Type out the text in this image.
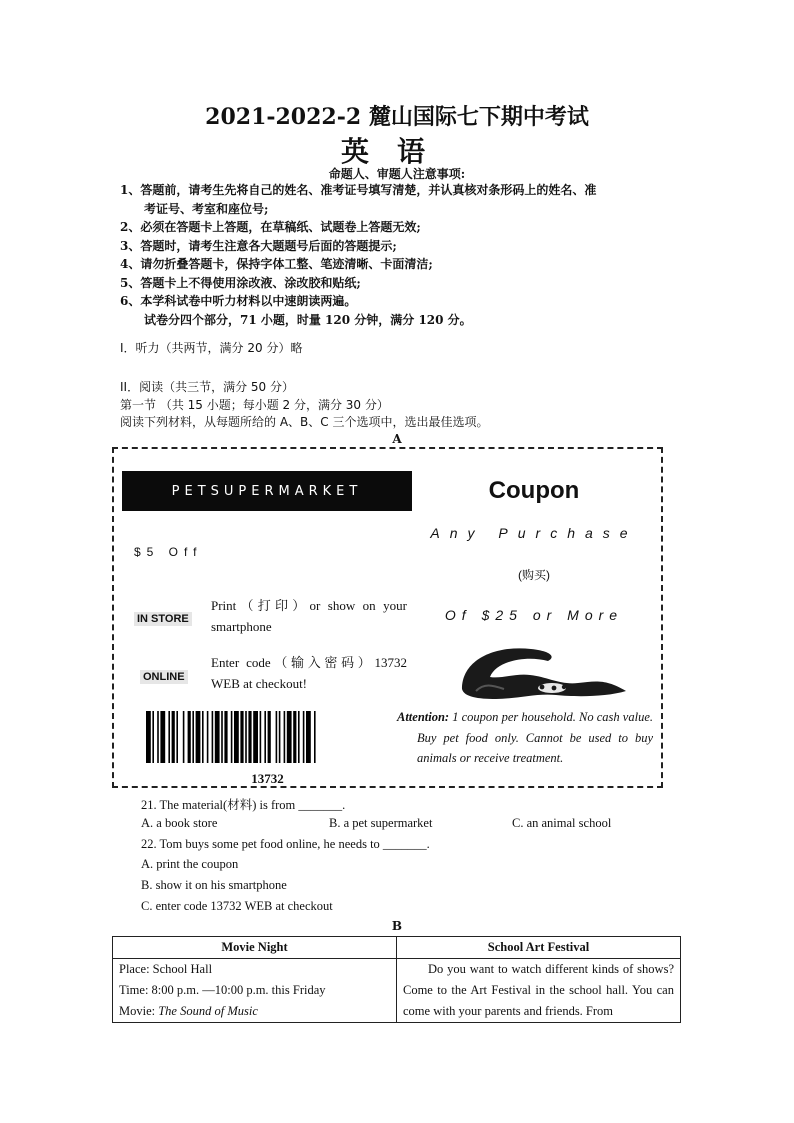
2021-2022-2 麓山国际七下期中考试
英语
命题人、审题人注意事项:
1、答题前，请考生先将自己的姓名、准考证号填写清楚，并认真核对条形码上的姓名、准
考证号、考室和座位号;
2、必须在答题卡上答题，在草稿纸、试题卷上答题无效;
3、答题时，请考生注意各大题题号后面的答题提示;
4、请勿折叠答题卡，保持字体工整、笔迹清晰、卡面清洁;
5、答题卡上不得使用涂改液、涂改胶和贴纸;
6、本学科试卷中听力材料以中速朗读两遍。
试卷分四个部分，71 小题，时量 120 分钟，满分 120 分。
I．听力（共两节，满分 20 分）略
II．阅读（共三节，满分 50 分）
第一节 （共 15 小题；每小题 2 分，满分 30 分）
阅读下列材料，从每题所给的 A、B、C 三个选项中，选出最佳选项。
A
PETSUPERMARKET	Coupon
$5 Off
Any Purchase
(购买)
Of $25 or More
IN STORE
Print（打印）or show on your smartphone
ONLINE
Enter code（输入密码）13732 WEB at checkout!
13732
Attention: 1 coupon per household. No cash value. Buy pet food only. Cannot be used to buy animals or receive treatment.
21. The material(材料) is from _______.
A. a book store	B. a pet supermarket	C. an animal school
22. Tom buys some pet food online, he needs to _______.
A. print the coupon
B. show it on his smartphone
C. enter code 13732 WEB at checkout
B
Movie Night	School Art Festival

Place: School Hall
Time: 8:00 p.m. —10:00 p.m. this Friday
Movie: The Sound of Music	Do you want to watch different kinds of shows? Come to the Art Festival in the school hall. You can come with your parents and friends. From
